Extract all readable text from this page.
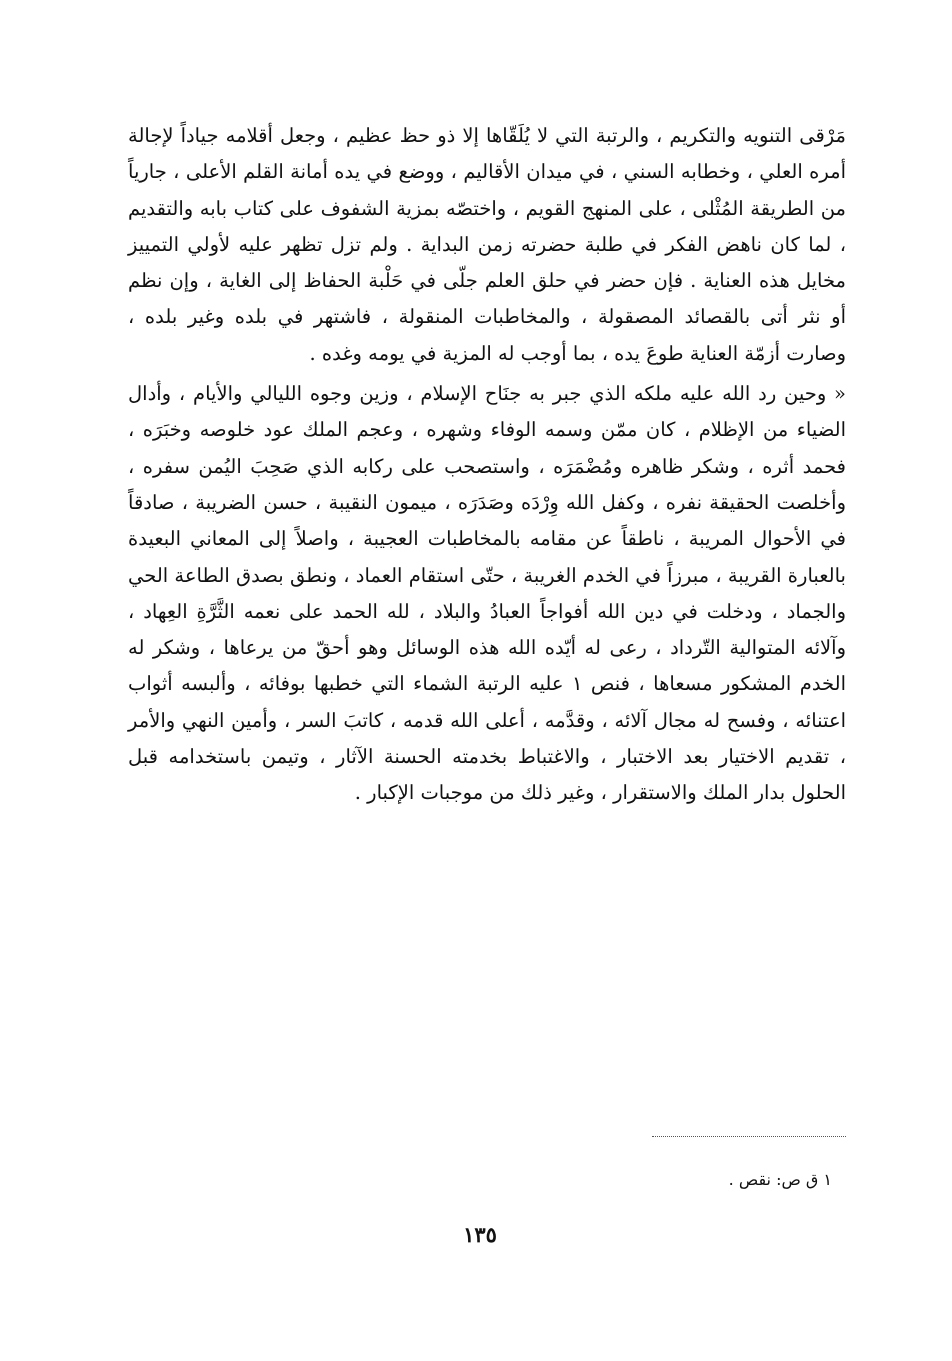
مَرْقى التنويه والتكريم ، والرتبة التي لا يُلَقّاها إلا ذو حظ عظيم ، وجعل أقلامه جياداً لإجالة أمره العلي ، وخطابه السني ، في ميدان الأقاليم ، ووضع في يده أمانة القلم الأعلى ، جارياً من الطريقة المُثْلى ، على المنهج القويم ، واختصّه بمزية الشفوف على كتاب بابه والتقديم ، لما كان ناهض الفكر في طلبة حضرته زمن البداية . ولم تزل تظهر عليه لأولي التمييز مخايل هذه العناية . فإن حضر في حلق العلم جلّى في حَلْبة الحفاظ إلى الغاية ، وإن نظم أو نثر أتى بالقصائد المصقولة ، والمخاطبات المنقولة ، فاشتهر في بلده وغير بلده ، وصارت أزمّة العناية طوعَ يده ، بما أوجب له المزية في يومه وغده .

« وحين رد الله عليه ملكه الذي جبر به جنَاح الإسلام ، وزين وجوه الليالي والأيام ، وأدال الضياء من الإظلام ، كان ممّن وسمه الوفاء وشهره ، وعجم الملك عود خلوصه وخبَرَه ، فحمد أثره ، وشكر ظاهره ومُضْمَرَه ، واستصحب على ركابه الذي صَحِبَ اليُمن سفره ، وأخلصت الحقيقة نفره ، وكفل الله وِرْدَه وصَدَرَه ، ميمون النقيبة ، حسن الضريبة ، صادقاً في الأحوال المريبة ، ناطقاً عن مقامه بالمخاطبات العجيبة ، واصلاً إلى المعاني البعيدة بالعبارة القريبة ، مبرزاً في الخدم الغريبة ، حتّى استقام العماد ، ونطق بصدق الطاعة الحي والجماد ، ودخلت في دين الله أفواجاً العبادُ والبلاد ، لله الحمد على نعمه الثَّرَّةِ العِهاد ، وآلائه المتوالية التّرداد ، رعى له أيّده الله هذه الوسائل وهو أحقّ من يرعاها ، وشكر له الخدم المشكور مسعاها ، فنص ١ عليه الرتبة الشماء التي خطبها بوفائه ، وألبسه أثواب اعتنائه ، وفسح له مجال آلائه ، وقدَّمه ، أعلى الله قدمه ، كاتبَ السر ، وأمين النهي والأمر ، تقديم الاختيار بعد الاختبار ، والاغتباط بخدمته الحسنة الآثار ، وتيمن باستخدامه قبل الحلول بدار الملك والاستقرار ، وغير ذلك من موجبات الإكبار .

١ ق ص: نقص .
١٣٥
